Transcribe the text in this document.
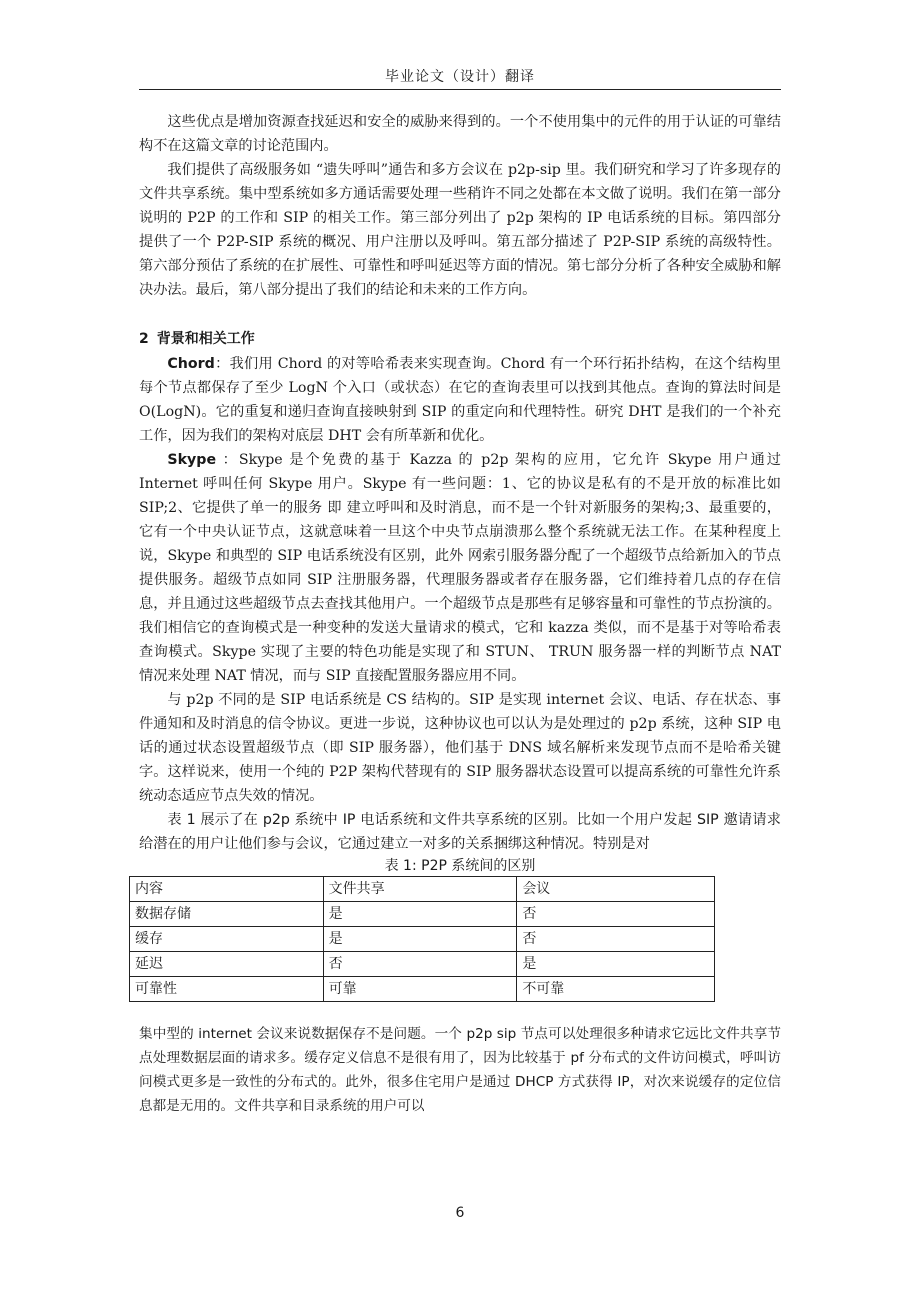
毕业论文（设计）翻译

这些优点是增加资源查找延迟和安全的威胁来得到的。一个不使用集中的元件的用于认证的可靠结构不在这篇文章的讨论范围内。

我们提供了高级服务如 “遗失呼叫”通告和多方会议在 p2p-sip 里。我们研究和学习了许多现存的文件共享系统。集中型系统如多方通话需要处理一些稍许不同之处都在本文做了说明。我们在第一部分说明的 P2P 的工作和 SIP 的相关工作。第三部分列出了 p2p 架构的 IP 电话系统的目标。第四部分提供了一个 P2P-SIP 系统的概况、用户注册以及呼叫。第五部分描述了 P2P-SIP 系统的高级特性。第六部分预估了系统的在扩展性、可靠性和呼叫延迟等方面的情况。第七部分分析了各种安全威胁和解决办法。最后，第八部分提出了我们的结论和未来的工作方向。

2 背景和相关工作

Chord：我们用 Chord 的对等哈希表来实现查询。Chord 有一个环行拓扑结构，在这个结构里每个节点都保存了至少 LogN 个入口（或状态）在它的查询表里可以找到其他点。查询的算法时间是 O(LogN)。它的重复和递归查询直接映射到 SIP 的重定向和代理特性。研究 DHT 是我们的一个补充工作，因为我们的架构对底层 DHT 会有所革新和优化。

Skype ：Skype 是个免费的基于 Kazza 的 p2p 架构的应用，它允许 Skype 用户通过 Internet 呼叫任何 Skype 用户。Skype 有一些问题：1、它的协议是私有的不是开放的标准比如 SIP;2、它提供了单一的服务 即 建立呼叫和及时消息，而不是一个针对新服务的架构;3、最重要的，它有一个中央认证节点，这就意味着一旦这个中央节点崩溃那么整个系统就无法工作。在某种程度上说，Skype 和典型的 SIP 电话系统没有区别，此外 网索引服务器分配了一个超级节点给新加入的节点提供服务。超级节点如同 SIP 注册服务器，代理服务器或者存在服务器，它们维持着几点的存在信息，并且通过这些超级节点去查找其他用户。一个超级节点是那些有足够容量和可靠性的节点扮演的。我们相信它的查询模式是一种变种的发送大量请求的模式，它和 kazza 类似，而不是基于对等哈希表查询模式。Skype 实现了主要的特色功能是实现了和 STUN、 TRUN 服务器一样的判断节点 NAT 情况来处理 NAT 情况，而与 SIP 直接配置服务器应用不同。

与 p2p 不同的是 SIP 电话系统是 CS 结构的。SIP 是实现 internet 会议、电话、存在状态、事件通知和及时消息的信令协议。更进一步说，这种协议也可以认为是处理过的 p2p 系统，这种 SIP 电话的通过状态设置超级节点（即 SIP 服务器），他们基于 DNS 域名解析来发现节点而不是哈希关键字。这样说来，使用一个纯的 P2P 架构代替现有的 SIP 服务器状态设置可以提高系统的可靠性允许系统动态适应节点失效的情况。

表 1 展示了在 p2p 系统中 IP 电话系统和文件共享系统的区别。比如一个用户发起 SIP 邀请请求给潜在的用户让他们参与会议，它通过建立一对多的关系捆绑这种情况。特别是对

表 1: P2P 系统间的区别

内容	文件共享	会议
数据存储	是	否
缓存	是	否
延迟	否	是
可靠性	可靠	不可靠

集中型的 internet 会议来说数据保存不是问题。一个 p2p sip 节点可以处理很多种请求它远比文件共享节点处理数据层面的请求多。缓存定义信息不是很有用了，因为比较基于 pf 分布式的文件访问模式，呼叫访问模式更多是一致性的分布式的。此外，很多住宅用户是通过 DHCP 方式获得 IP，对次来说缓存的定位信息都是无用的。文件共享和目录系统的用户可以

6
